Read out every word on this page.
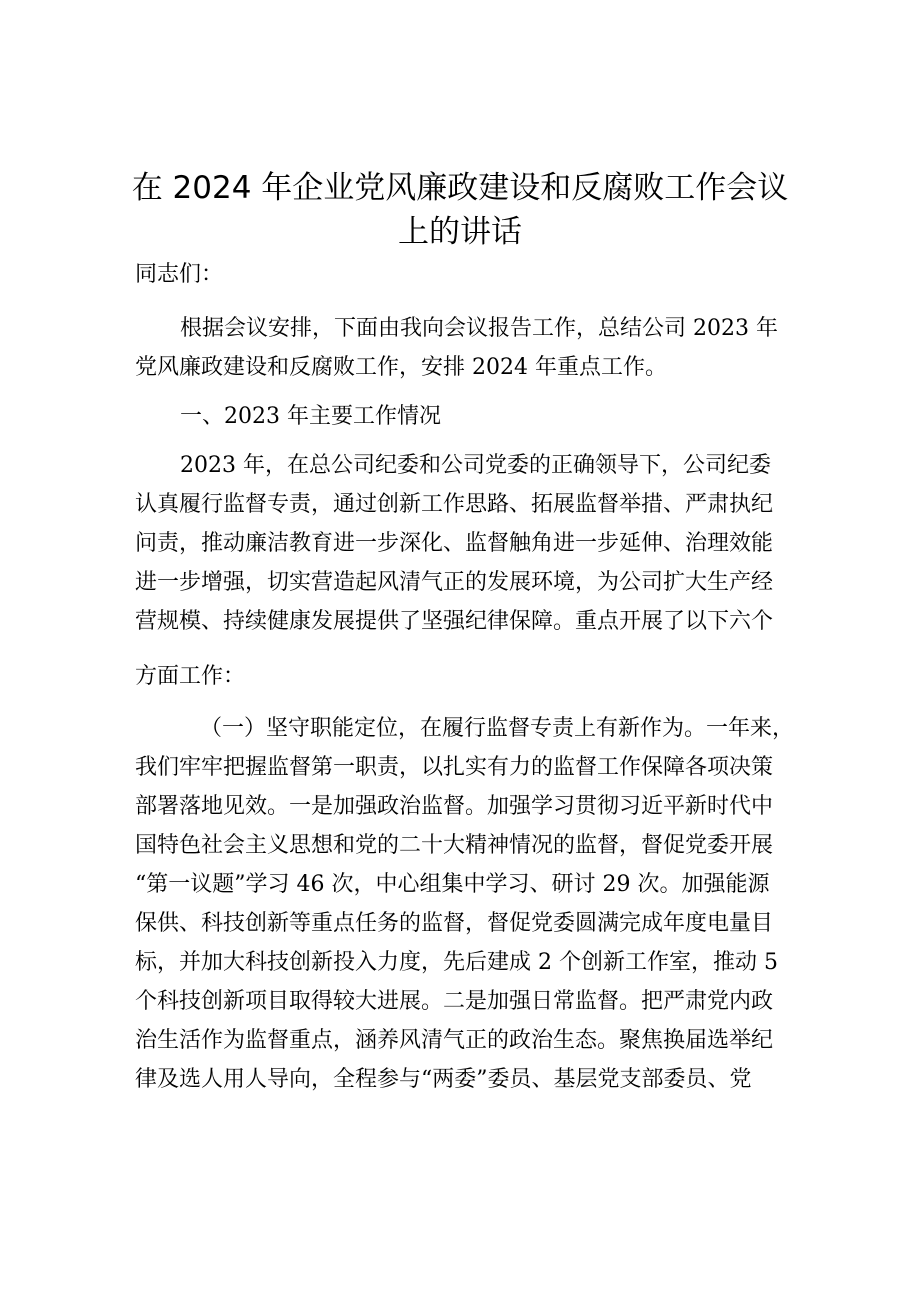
在 2024 年企业党风廉政建设和反腐败工作会议
上的讲话
同志们：
根据会议安排，下面由我向会议报告工作，总结公司 2023 年
党风廉政建设和反腐败工作，安排 2024 年重点工作。
一、2023 年主要工作情况
2023 年，在总公司纪委和公司党委的正确领导下，公司纪委
认真履行监督专责，通过创新工作思路、拓展监督举措、严肃执纪
问责，推动廉洁教育进一步深化、监督触角进一步延伸、治理效能
进一步增强，切实营造起风清气正的发展环境，为公司扩大生产经
营规模、持续健康发展提供了坚强纪律保障。重点开展了以下六个
方面工作：
（一）坚守职能定位，在履行监督专责上有新作为。一年来，
我们牢牢把握监督第一职责，以扎实有力的监督工作保障各项决策
部署落地见效。一是加强政治监督。加强学习贯彻习近平新时代中
国特色社会主义思想和党的二十大精神情况的监督，督促党委开展
“第一议题”学习 46 次，中心组集中学习、研讨 29 次。加强能源
保供、科技创新等重点任务的监督，督促党委圆满完成年度电量目
标，并加大科技创新投入力度，先后建成 2 个创新工作室，推动 5
个科技创新项目取得较大进展。二是加强日常监督。把严肃党内政
治生活作为监督重点，涵养风清气正的政治生态。聚焦换届选举纪
律及选人用人导向，全程参与“两委”委员、基层党支部委员、党
